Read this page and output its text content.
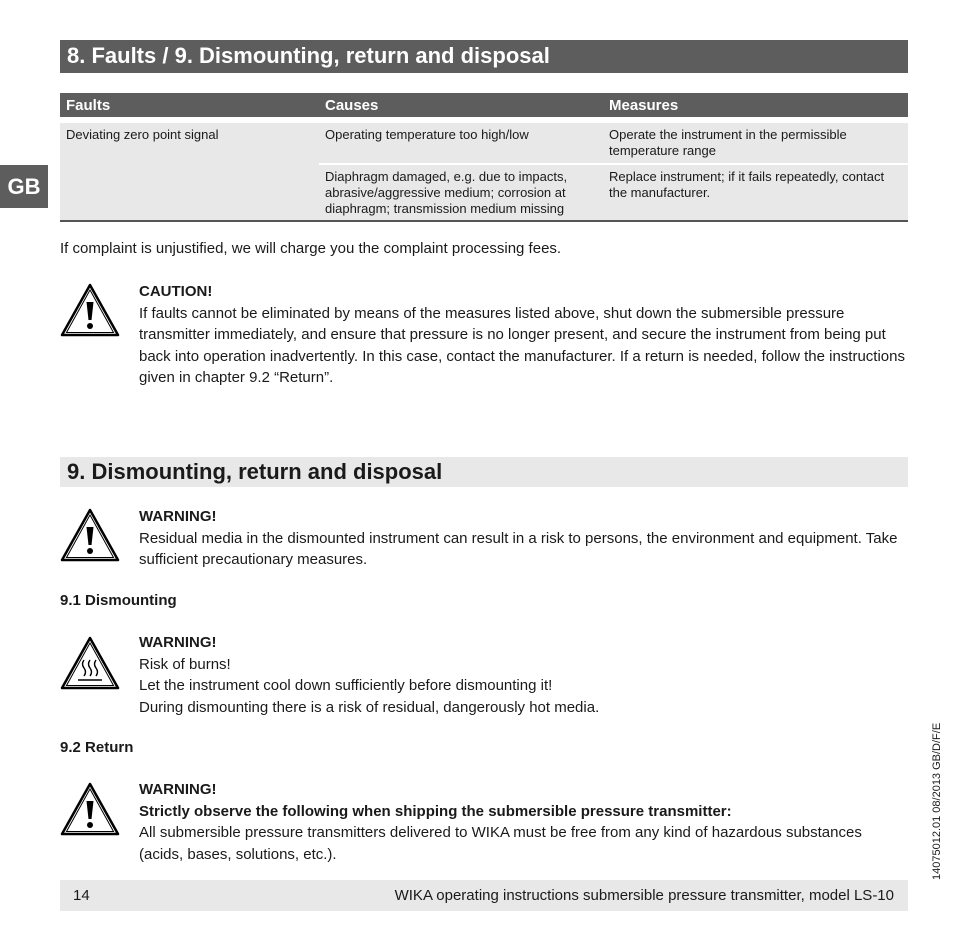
8. Faults / 9. Dismounting, return and disposal
GB
Faults	Causes	Measures

Deviating zero point signal	Operating temperature too high/low	Operate the instrument in the permissible temperature range
	Diaphragm damaged, e.g. due to impacts, abrasive/aggressive medium; corrosion at diaphragm; transmission medium missing	Replace instrument; if it fails repeatedly, contact the manufacturer.
If complaint is unjustified, we will charge you the complaint processing fees.
CAUTION!
If faults cannot be eliminated by means of the measures listed above, shut down the submersible pressure transmitter immediately, and ensure that pressure is no longer present, and secure the instrument from being put back into operation inadvertently. In this case, contact the manufacturer. If a return is needed, follow the instructions given in chapter 9.2 “Return”.
9. Dismounting, return and disposal
WARNING!
Residual media in the dismounted instrument can result in a risk to persons, the environment and equipment. Take sufficient precautionary measures.
9.1 Dismounting
WARNING!
Risk of burns!
Let the instrument cool down sufficiently before dismounting it!
During dismounting there is a risk of residual, dangerously hot media.
9.2 Return
WARNING!
Strictly observe the following when shipping the submersible pressure transmitter:
All submersible pressure transmitters delivered to WIKA must be free from any kind of hazardous substances (acids, bases, solutions, etc.).
14	WIKA operating instructions submersible pressure transmitter, model LS-10
14075012.01 08/2013 GB/D/F/E
